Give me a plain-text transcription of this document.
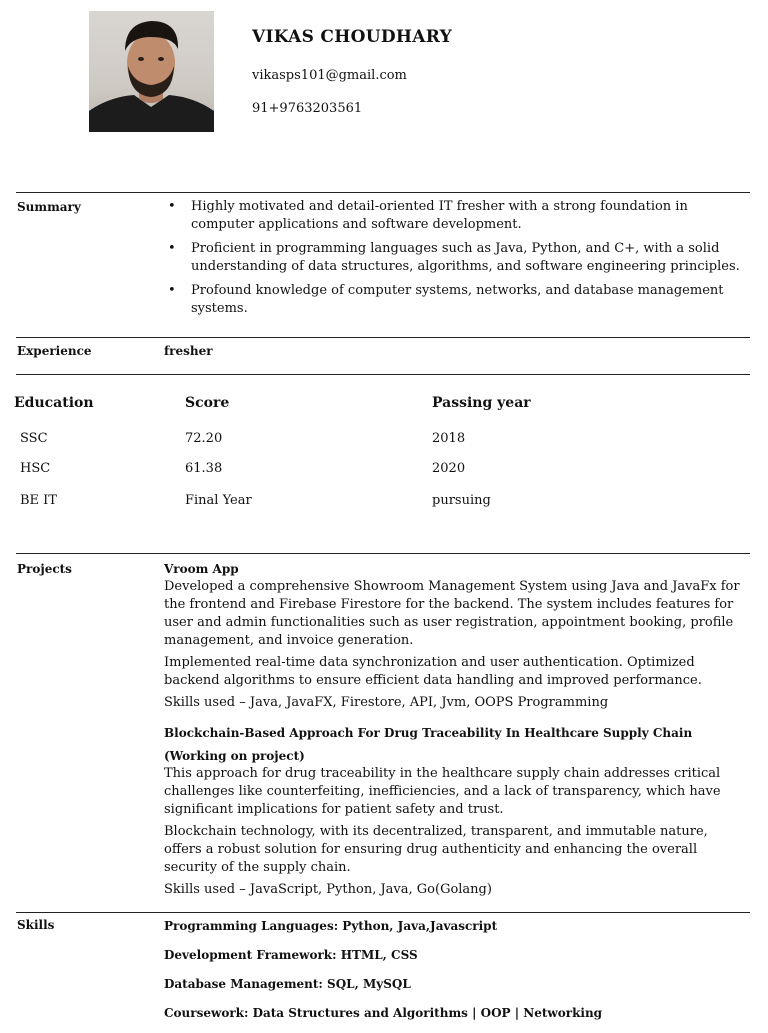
VIKAS CHOUDHARY
vikasps101@gmail.com
91+9763203561
Summary	• Highly motivated and detail-oriented IT fresher with a strong foundation in computer applications and software development.
• Proficient in programming languages such as Java, Python, and C+, with a solid understanding of data structures, algorithms, and software engineering principles.
• Profound knowledge of computer systems, networks, and database management systems.
Experience	fresher
Education	Score	Passing year
SSC	72.20	2018
HSC	61.38	2020
BE IT	Final Year	pursuing
Projects	Vroom App

Developed a comprehensive Showroom Management System using Java and JavaFx for the frontend and Firebase Firestore for the backend. The system includes features for user and admin functionalities such as user registration, appointment booking, profile management, and invoice generation.

Implemented real-time data synchronization and user authentication. Optimized backend algorithms to ensure efficient data handling and improved performance.

Skills used – Java, JavaFX, Firestore, API, Jvm, OOPS Programming

Blockchain-Based Approach For Drug Traceability In Healthcare Supply Chain
(Working on project)

This approach for drug traceability in the healthcare supply chain addresses critical challenges like counterfeiting, inefficiencies, and a lack of transparency, which have significant implications for patient safety and trust.

Blockchain technology, with its decentralized, transparent, and immutable nature, offers a robust solution for ensuring drug authenticity and enhancing the overall security of the supply chain.

Skills used – JavaScript, Python, Java, Go(Golang)

Skills	Programming Languages: Python, Java,Javascript
Development Framework: HTML, CSS
Database Management: SQL, MySQL
Coursework: Data Structures and Algorithms | OOP | Networking
